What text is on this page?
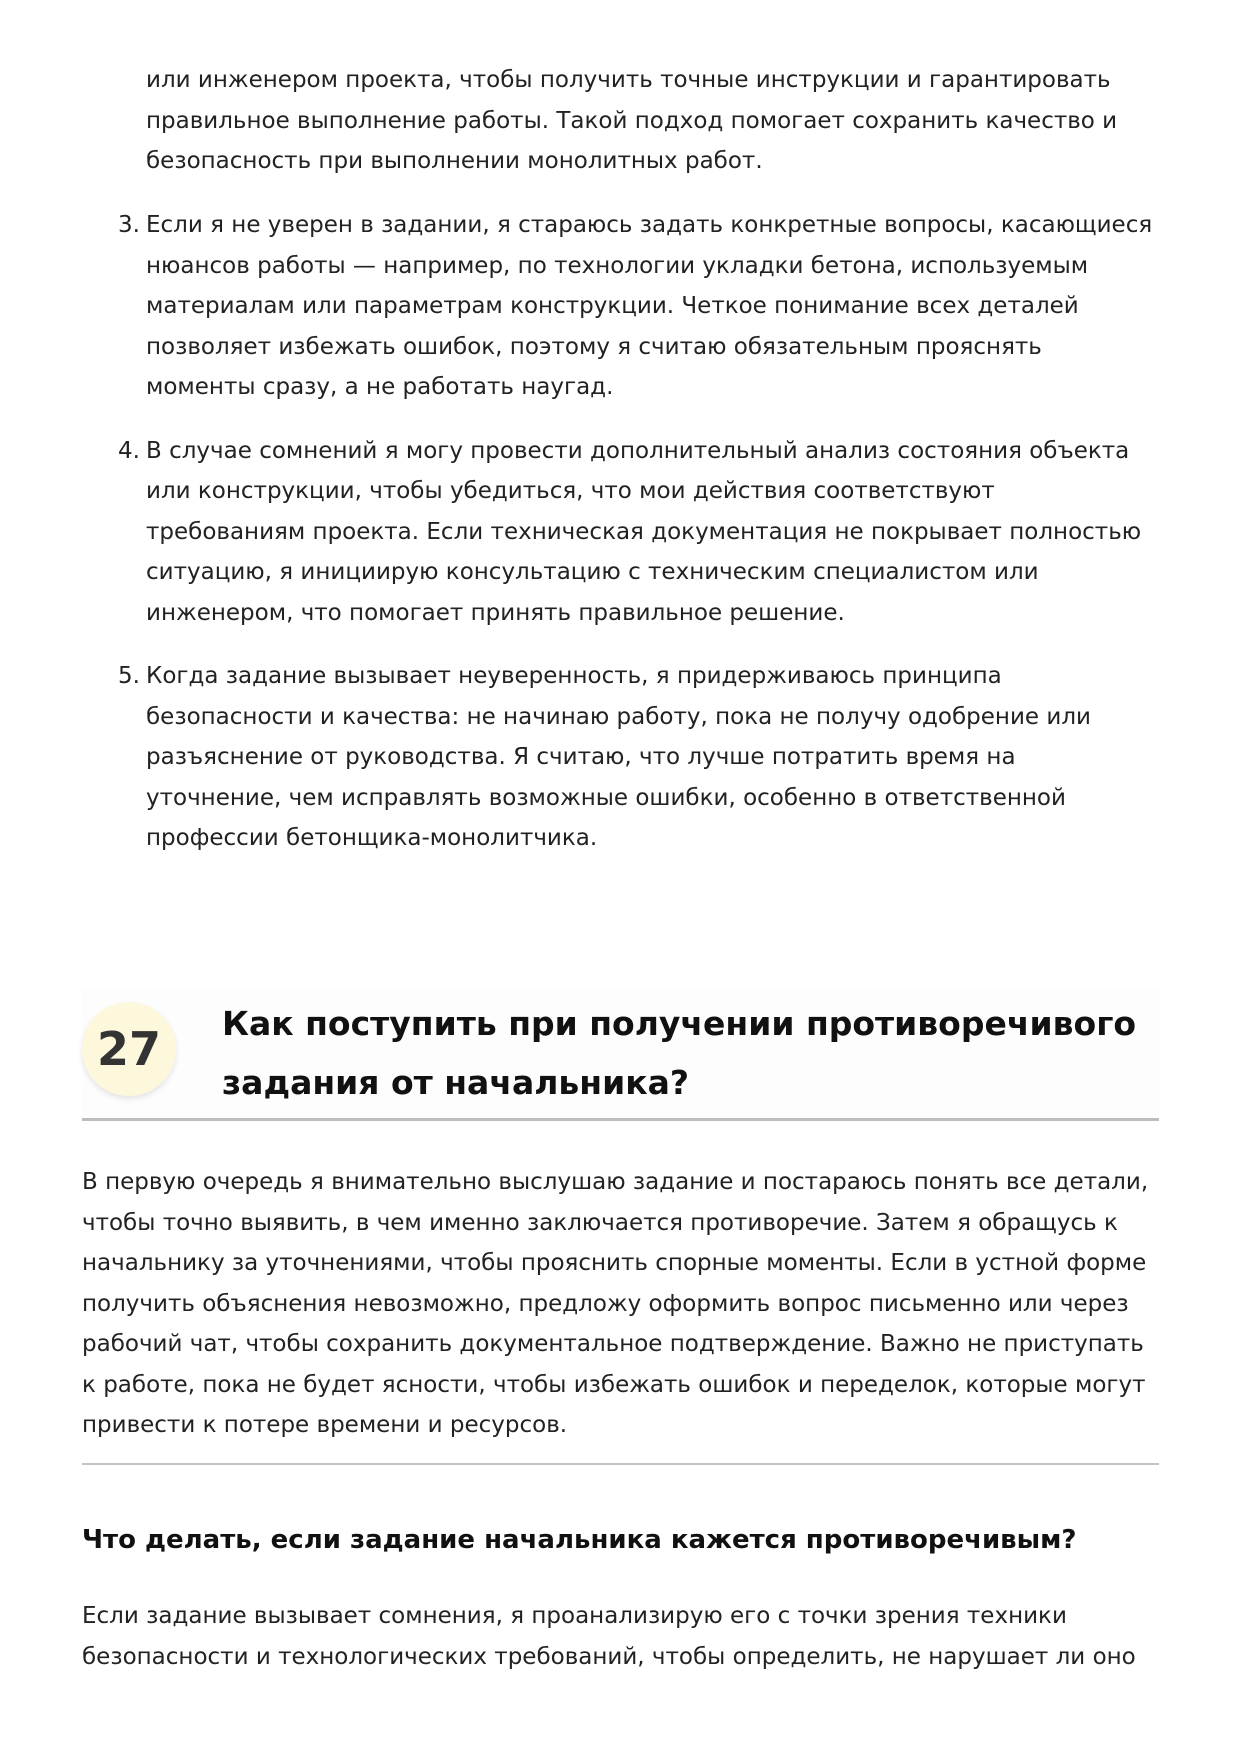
или инженером проекта, чтобы получить точные инструкции и гарантировать правильное выполнение работы. Такой подход помогает сохранить качество и безопасность при выполнении монолитных работ.

3. Если я не уверен в задании, я стараюсь задать конкретные вопросы, касающиеся нюансов работы — например, по технологии укладки бетона, используемым материалам или параметрам конструкции. Четкое понимание всех деталей позволяет избежать ошибок, поэтому я считаю обязательным прояснять моменты сразу, а не работать наугад.
4. В случае сомнений я могу провести дополнительный анализ состояния объекта или конструкции, чтобы убедиться, что мои действия соответствуют требованиям проекта. Если техническая документация не покрывает полностью ситуацию, я инициирую консультацию с техническим специалистом или инженером, что помогает принять правильное решение.
5. Когда задание вызывает неуверенность, я придерживаюсь принципа безопасности и качества: не начинаю работу, пока не получу одобрение или разъяснение от руководства. Я считаю, что лучше потратить время на уточнение, чем исправлять возможные ошибки, особенно в ответственной профессии бетонщика-монолитчика.
27	Как поступить при получении противоречивого задания от начальника?

В первую очередь я внимательно выслушаю задание и постараюсь понять все детали, чтобы точно выявить, в чем именно заключается противоречие. Затем я обращусь к начальнику за уточнениями, чтобы прояснить спорные моменты. Если в устной форме получить объяснения невозможно, предложу оформить вопрос письменно или через рабочий чат, чтобы сохранить документальное подтверждение. Важно не приступать к работе, пока не будет ясности, чтобы избежать ошибок и переделок, которые могут привести к потере времени и ресурсов.

Что делать, если задание начальника кажется противоречивым?

Если задание вызывает сомнения, я проанализирую его с точки зрения техники безопасности и технологических требований, чтобы определить, не нарушает ли оно
